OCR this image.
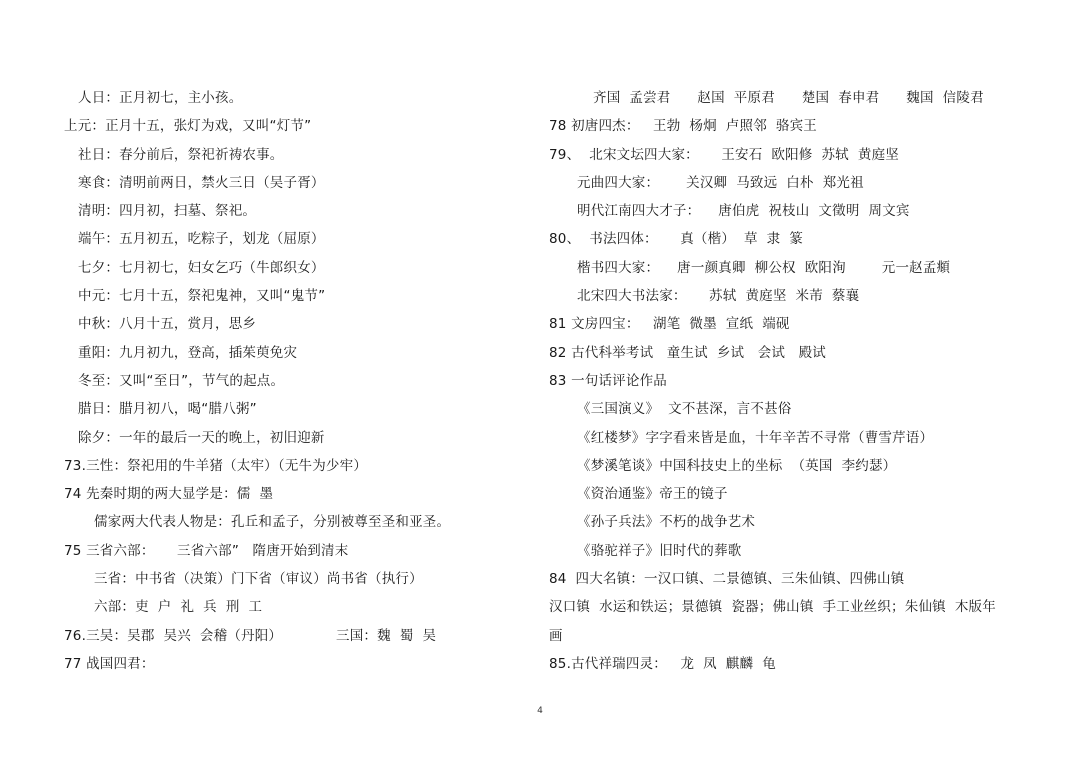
人日：正月初七，主小孩。
上元：正月十五，张灯为戏，又叫“灯节”
社日：春分前后，祭祀祈祷农事。
寒食：清明前两日，禁火三日（吴子胥）
清明：四月初，扫墓、祭祀。
端午：五月初五，吃粽子，划龙（屈原）
七夕：七月初七，妇女乞巧（牛郎织女）
中元：七月十五，祭祀鬼神，又叫“鬼节”
中秋：八月十五，赏月，思乡
重阳：九月初九，登高，插茱萸免灾
冬至：又叫“至日”，节气的起点。
腊日：腊月初八，喝“腊八粥”
除夕：一年的最后一天的晚上，初旧迎新
73.三性：祭祀用的牛羊猪（太牢）（无牛为少牢）
74 先秦时期的两大显学是：儒  墨
儒家两大代表人物是：孔丘和孟子，分别被尊至圣和亚圣。
75 三省六部：     三省六部”   隋唐开始到清末
三省：中书省（决策）门下省（审议）尚书省（执行）
六部：吏  户  礼  兵  刑  工
76.三吴：吴郡  吴兴  会稽（丹阳）            三国：魏  蜀  吴
77 战国四君：
齐国  孟尝君      赵国  平原君      楚国  春申君      魏国  信陵君
78 初唐四杰：   王勃  杨炯  卢照邻  骆宾王
79、  北宋文坛四大家：     王安石  欧阳修  苏轼  黄庭坚
元曲四大家：      关汉卿  马致远  白朴  郑光祖
明代江南四大才子：    唐伯虎  祝枝山  文徵明  周文宾
80、  书法四体：     真（楷）  草  隶  篆
楷书四大家：    唐一颜真卿  柳公权  欧阳洵        元一赵孟頫
北宋四大书法家：     苏轼  黄庭坚  米芾  蔡襄
81 文房四宝：   湖笔  微墨  宣纸  端砚
82 古代科举考试   童生试  乡试   会试   殿试
83 一句话评论作品
《三国演义》  文不甚深，言不甚俗
《红楼梦》字字看来皆是血，十年辛苦不寻常（曹雪芹语）
《梦溪笔谈》中国科技史上的坐标  （英国  李约瑟）
《资治通鉴》帝王的镜子
《孙子兵法》不朽的战争艺术
《骆驼祥子》旧时代的葬歌
84  四大名镇：一汉口镇、二景德镇、三朱仙镇、四佛山镇
汉口镇  水运和铁运；景德镇  瓷器；佛山镇  手工业丝织；朱仙镇  木版年
画
85.古代祥瑞四灵：   龙  凤  麒麟  龟
4
